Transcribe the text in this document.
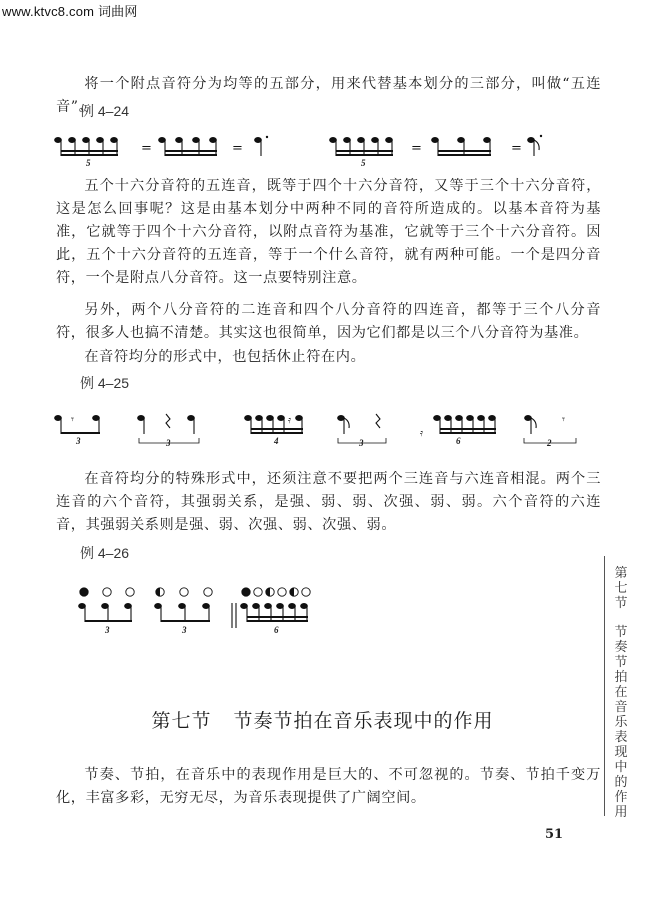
www.ktvc8.com 词曲网

将一个附点音符分为均等的五部分，用来代替基本划分的三部分，叫做“五连音”。

例 4–24

五个十六分音符的五连音，既等于四个十六分音符，又等于三个十六分音符，这是怎么回事呢？这是由基本划分中两种不同的音符所造成的。以基本音符为基准，它就等于四个十六分音符，以附点音符为基准，它就等于三个十六分音符。因此，五个十六分音符的五连音，等于一个什么音符，就有两种可能。一个是四分音符，一个是附点八分音符。这一点要特别注意。

另外，两个八分音符的二连音和四个八分音符的四连音，都等于三个八分音符，很多人也搞不清楚。其实这也很简单，因为它们都是以三个八分音符为基准。

在音符均分的形式中，也包括休止符在内。

例 4–25

在音符均分的特殊形式中，还须注意不要把两个三连音与六连音相混。两个三连音的六个音符，其强弱关系，是强、弱、弱、次强、弱、弱。六个音符的六连音，其强弱关系则是强、弱、次强、弱、次强、弱。

例 4–26
=	=	=	=
𝄾	𝄿
𝄿
𝄾
5	5
3	3	4	3	6	2
3	3	6
第七节 节奏节拍在音乐表现中的作用

节奏、节拍，在音乐中的表现作用是巨大的、不可忽视的。节奏、节拍千变万化，丰富多彩，无穷无尽，为音乐表现提供了广阔空间。

第七节
节奏节拍在音乐表现中的作用
51
